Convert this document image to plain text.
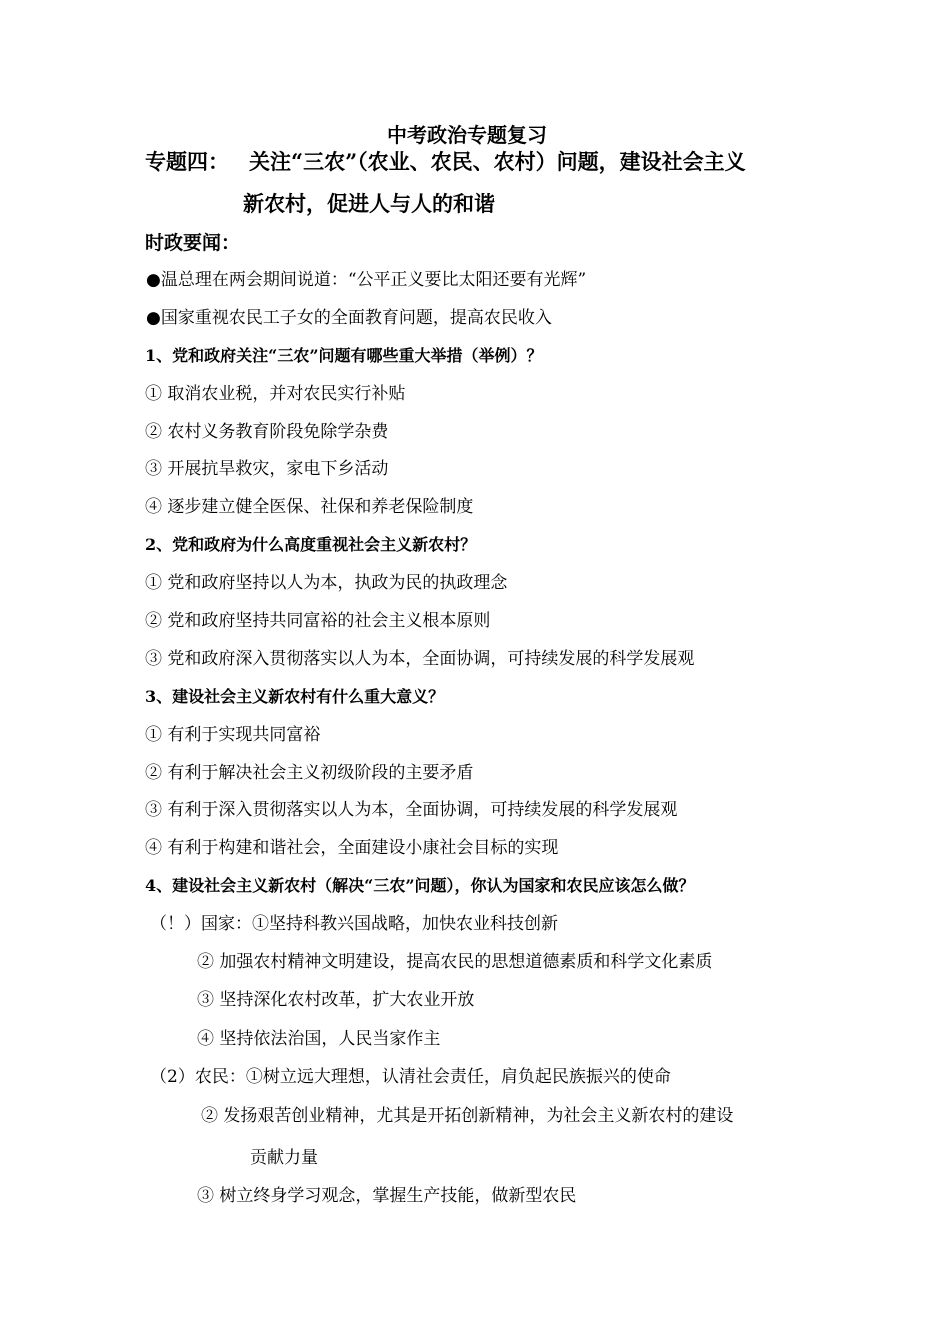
中考政治专题复习
专题四： 关注“三农”（农业、农民、农村）问题，建设社会主义
新农村，促进人与人的和谐
时政要闻：
●温总理在两会期间说道：“公平正义要比太阳还要有光辉”
●国家重视农民工子女的全面教育问题，提高农民收入
1、党和政府关注“三农”问题有哪些重大举措（举例）？
① 取消农业税，并对农民实行补贴
② 农村义务教育阶段免除学杂费
③ 开展抗旱救灾，家电下乡活动
④ 逐步建立健全医保、社保和养老保险制度
2、党和政府为什么高度重视社会主义新农村？
① 党和政府坚持以人为本，执政为民的执政理念
② 党和政府坚持共同富裕的社会主义根本原则
③ 党和政府深入贯彻落实以人为本，全面协调，可持续发展的科学发展观
3、建设社会主义新农村有什么重大意义？
① 有利于实现共同富裕
② 有利于解决社会主义初级阶段的主要矛盾
③ 有利于深入贯彻落实以人为本，全面协调，可持续发展的科学发展观
④ 有利于构建和谐社会，全面建设小康社会目标的实现
4、建设社会主义新农村（解决“三农”问题），你认为国家和农民应该怎么做？
（！）国家：①坚持科教兴国战略，加快农业科技创新
② 加强农村精神文明建设，提高农民的思想道德素质和科学文化素质
③ 坚持深化农村改革，扩大农业开放
④ 坚持依法治国，人民当家作主
（2）农民：①树立远大理想，认清社会责任，肩负起民族振兴的使命
② 发扬艰苦创业精神，尤其是开拓创新精神，为社会主义新农村的建设
贡献力量
③ 树立终身学习观念，掌握生产技能，做新型农民
